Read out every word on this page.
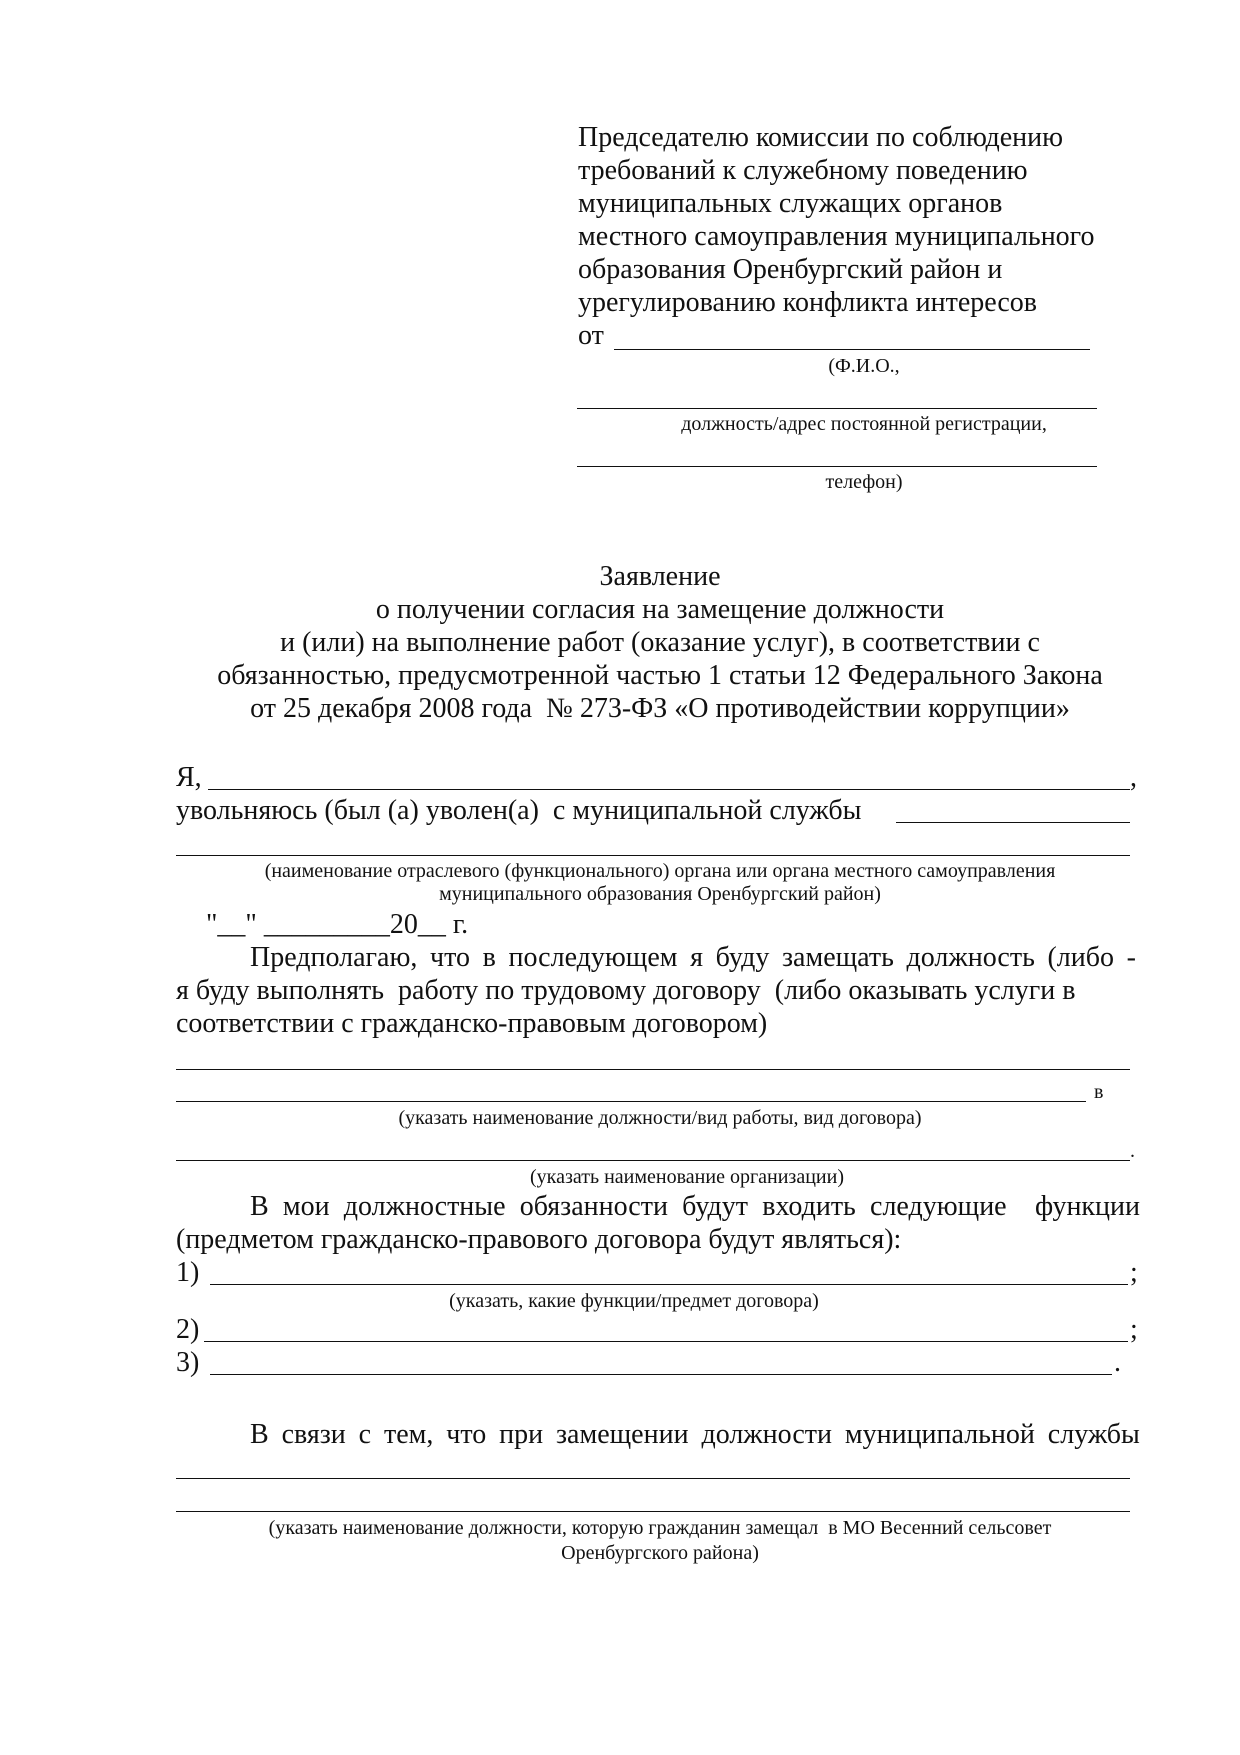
Председателю комиссии по соблюдению
требований к служебному поведению
муниципальных служащих органов
местного самоуправления муниципального
образования Оренбургский район и
урегулированию конфликта интересов
от
(Ф.И.О.,
должность/адрес постоянной регистрации,
телефон)
Заявление
о получении согласия на замещение должности
и (или) на выполнение работ (оказание услуг), в соответствии с
обязанностью, предусмотренной частью 1 статьи 12 Федерального Закона
от 25 декабря 2008 года  № 273-ФЗ «О противодействии коррупции»
Я,	,
увольняюсь (был (а) уволен(а)  с муниципальной службы
(наименование отраслевого (функционального) органа или органа местного самоуправления
муниципального образования Оренбургский район)
"__" _________20__ г.
Предполагаю, что в последующем я буду замещать должность (либо -
я буду выполнять  работу по трудовому договору  (либо оказывать услуги в
соответствии с гражданско-правовым договором)
в
(указать наименование должности/вид работы, вид договора)
.
(указать наименование организации)
В мои должностные обязанности будут входить следующие функции
(предметом гражданско-правового договора будут являться):
1)	;
(указать, какие функции/предмет договора)
2)	;
3)	.
В связи с тем, что при замещении должности муниципальной службы
(указать наименование должности, которую гражданин замещал  в МО Весенний сельсовет
Оренбургского района)
